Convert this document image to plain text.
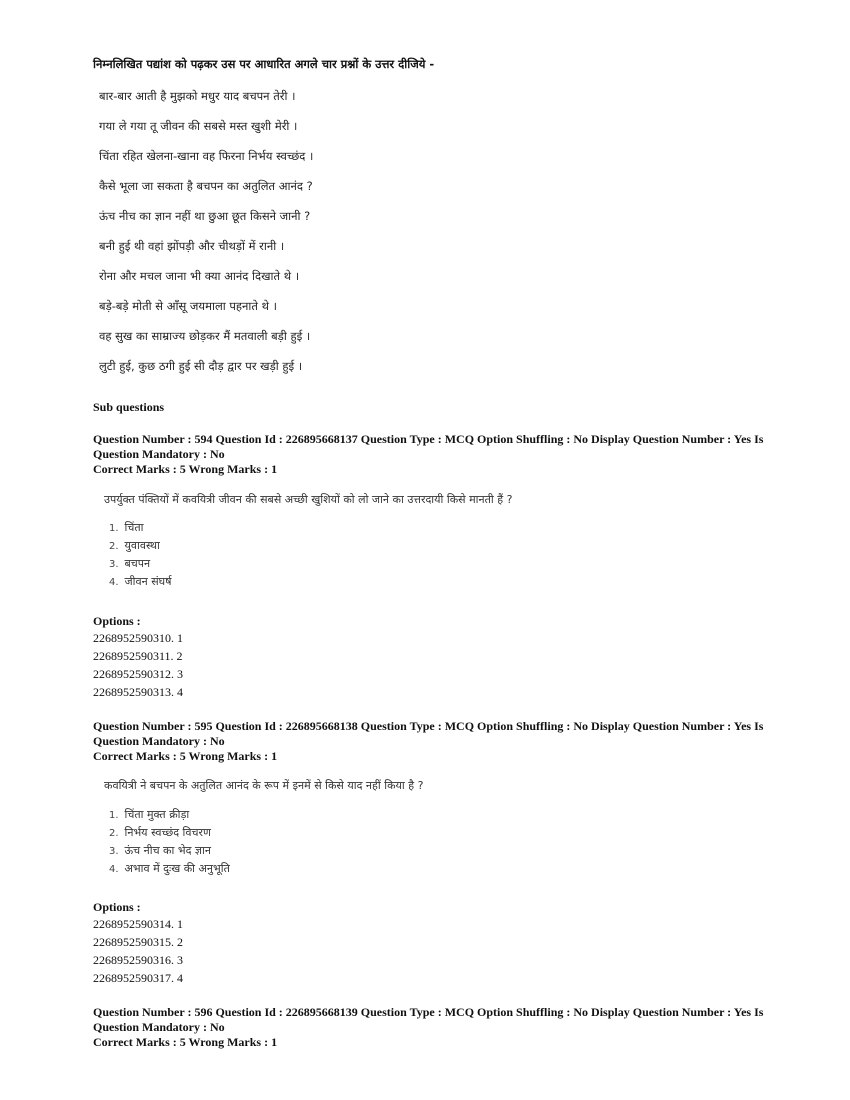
निम्नलिखित पद्यांश को पढ़कर उस पर आधारित अगले चार प्रश्नों के उत्तर दीजिये -
बार-बार आती है मुझको मधुर याद बचपन तेरी ।
गया ले गया तू जीवन की सबसे मस्त खुशी मेरी ।
चिंता रहित खेलना-खाना वह फिरना निर्भय स्वच्छंद ।
कैसे भूला जा सकता है बचपन का अतुलित आनंद ?
ऊंच नीच का ज्ञान नहीं था छुआ छूत किसने जानी ?
बनी हुई थी वहां झोंपड़ी और चीथड़ों में रानी ।
रोना और मचल जाना भी क्या आनंद दिखाते थे ।
बड़े-बड़े मोती से आँसू जयमाला पहनाते थे ।
वह सुख का साम्राज्य छोड़कर मैं मतवाली बड़ी हुई ।
लुटी हुई, कुछ ठगी हुई सी दौड़ द्वार पर खड़ी हुई ।
Sub questions
Question Number : 594 Question Id : 226895668137 Question Type : MCQ Option Shuffling : No Display Question Number : Yes Is Question Mandatory : No
Correct Marks : 5 Wrong Marks : 1
उपर्युक्त पंक्तियों में कवयित्री जीवन की सबसे अच्छी खुशियों को लो जाने का उत्तरदायी किसे मानती हैं ?
1. चिंता
2. युवावस्था
3. बचपन
4. जीवन संघर्ष
Options :
2268952590310. 1
2268952590311. 2
2268952590312. 3
2268952590313. 4
Question Number : 595 Question Id : 226895668138 Question Type : MCQ Option Shuffling : No Display Question Number : Yes Is Question Mandatory : No
Correct Marks : 5 Wrong Marks : 1
कवयित्री ने बचपन के अतुलित आनंद के रूप में इनमें से किसे याद नहीं किया है ?
1. चिंता मुक्त क्रीड़ा
2. निर्भय स्वच्छंद विचरण
3. ऊंच नीच का भेद ज्ञान
4. अभाव में दुःख की अनुभूति
Options :
2268952590314. 1
2268952590315. 2
2268952590316. 3
2268952590317. 4
Question Number : 596 Question Id : 226895668139 Question Type : MCQ Option Shuffling : No Display Question Number : Yes Is Question Mandatory : No
Correct Marks : 5 Wrong Marks : 1
